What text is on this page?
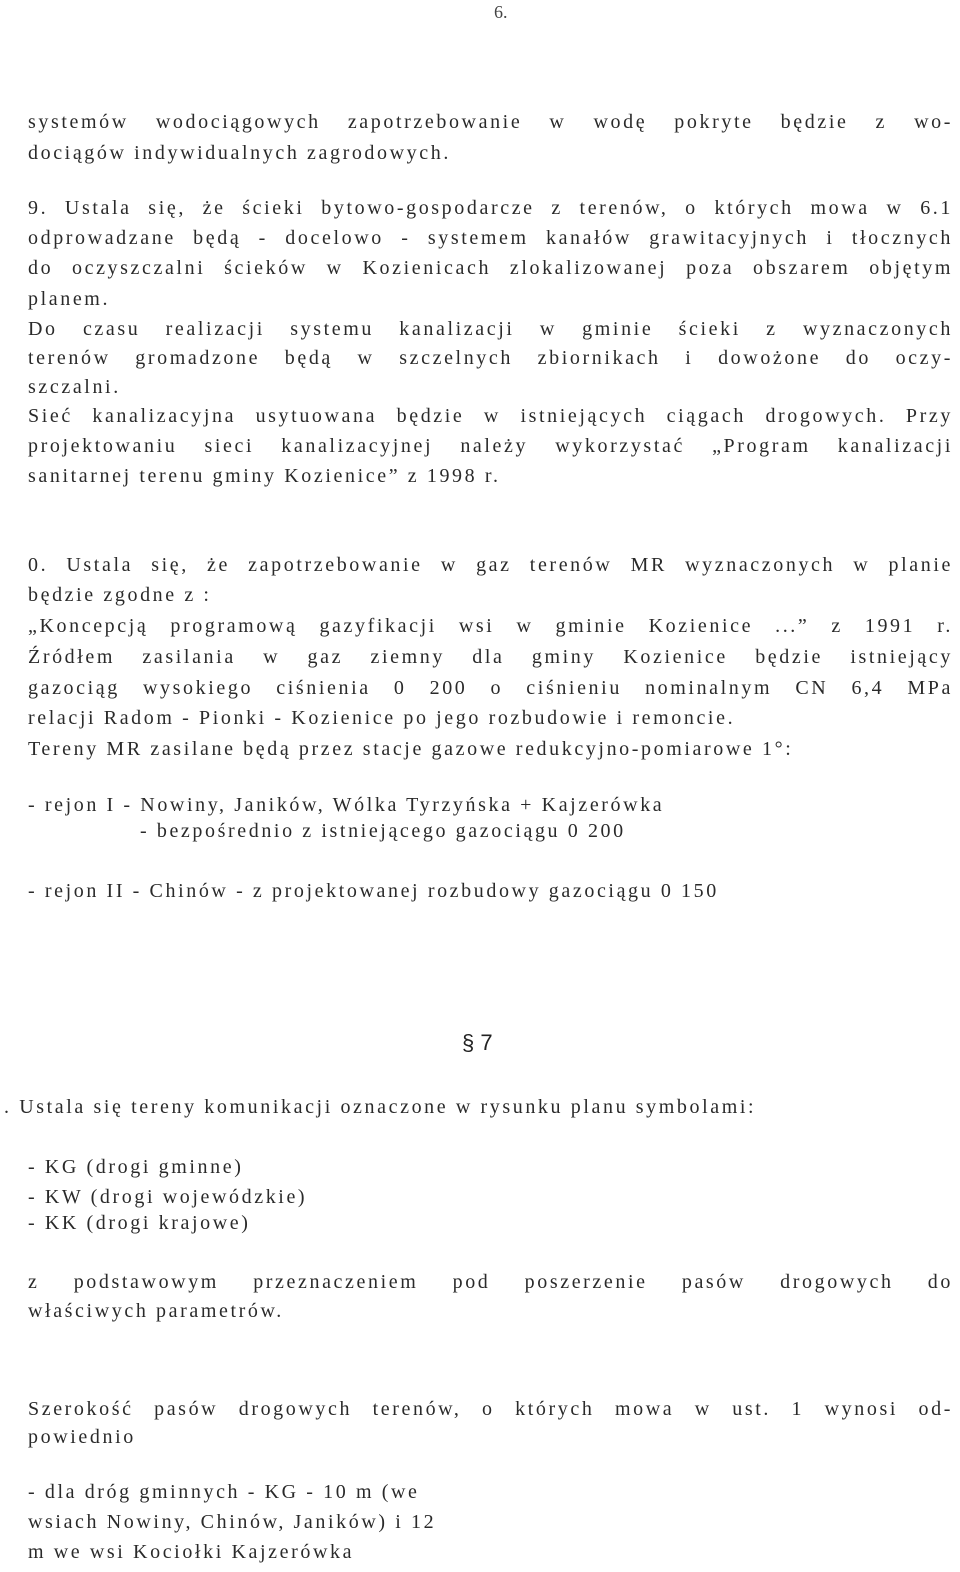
6.
systemów wodociągowych zapotrzebowanie w wodę pokryte będzie z wo-
dociągów indywidualnych zagrodowych.
9. Ustala się, że ścieki bytowo-gospodarcze z terenów, o których mowa w 6.1
odprowadzane będą - docelowo - systemem kanałów grawitacyjnych i tłocznych
do oczyszczalni ścieków w Kozienicach zlokalizowanej poza obszarem objętym
planem.
Do czasu realizacji systemu kanalizacji w gminie ścieki z wyznaczonych
terenów gromadzone będą w szczelnych zbiornikach i dowożone do oczy-
szczalni.
Sieć kanalizacyjna usytuowana będzie w istniejących ciągach drogowych. Przy
projektowaniu sieci kanalizacyjnej należy wykorzystać „Program kanalizacji
sanitarnej terenu gminy Kozienice” z 1998 r.
0. Ustala się, że zapotrzebowanie w gaz terenów MR wyznaczonych w planie
będzie zgodne z :
„Koncepcją programową gazyfikacji wsi w gminie Kozienice ...” z 1991 r.
Źródłem zasilania w gaz ziemny dla gminy Kozienice będzie istniejący
gazociąg wysokiego ciśnienia 0 200 o ciśnieniu nominalnym CN 6,4 MPa
relacji Radom - Pionki - Kozienice po jego rozbudowie i remoncie.
Tereny MR zasilane będą przez stacje gazowe redukcyjno-pomiarowe 1°:
- rejon I - Nowiny, Janików, Wólka Tyrzyńska + Kajzerówka
- bezpośrednio z istniejącego gazociągu 0 200
- rejon II - Chinów - z projektowanej rozbudowy gazociągu 0 150
§ 7
. Ustala się tereny komunikacji oznaczone w rysunku planu symbolami:
- KG (drogi gminne)
- KW (drogi wojewódzkie)
- KK (drogi krajowe)
z podstawowym przeznaczeniem pod poszerzenie pasów drogowych do
właściwych parametrów.
Szerokość pasów drogowych terenów, o których mowa w ust. 1 wynosi od-
powiednio
- dla dróg gminnych - KG - 10 m (we
wsiach Nowiny, Chinów, Janików) i 12
m we wsi Kociołki Kajzerówka
